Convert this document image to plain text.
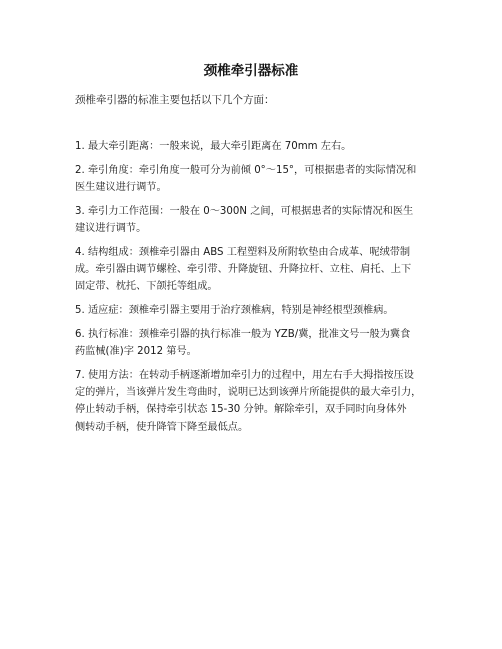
颈椎牵引器标准
颈椎牵引器的标准主要包括以下几个方面：
1. 最大牵引距离：一般来说，最大牵引距离在 70mm 左右。
2. 牵引角度：牵引角度一般可分为前倾 0°～15°，可根据患者的实际情况和
医生建议进行调节。
3. 牵引力工作范围：一般在 0～300N 之间，可根据患者的实际情况和医生
建议进行调节。
4. 结构组成：颈椎牵引器由 ABS 工程塑料及所附软垫由合成革、呢绒带制
成。牵引器由调节螺栓、牵引带、升降旋钮、升降拉杆、立柱、肩托、上下
固定带、枕托、下颌托等组成。
5. 适应症：颈椎牵引器主要用于治疗颈椎病，特别是神经根型颈椎病。
6. 执行标准：颈椎牵引器的执行标准一般为 YZB/冀，批准文号一般为冀食
药监械(准)字 2012 第号。
7. 使用方法：在转动手柄逐渐增加牵引力的过程中，用左右手大拇指按压设
定的弹片，当该弹片发生弯曲时，说明已达到该弹片所能提供的最大牵引力，
停止转动手柄，保持牵引状态 15-30 分钟。解除牵引，双手同时向身体外
侧转动手柄，使升降管下降至最低点。
